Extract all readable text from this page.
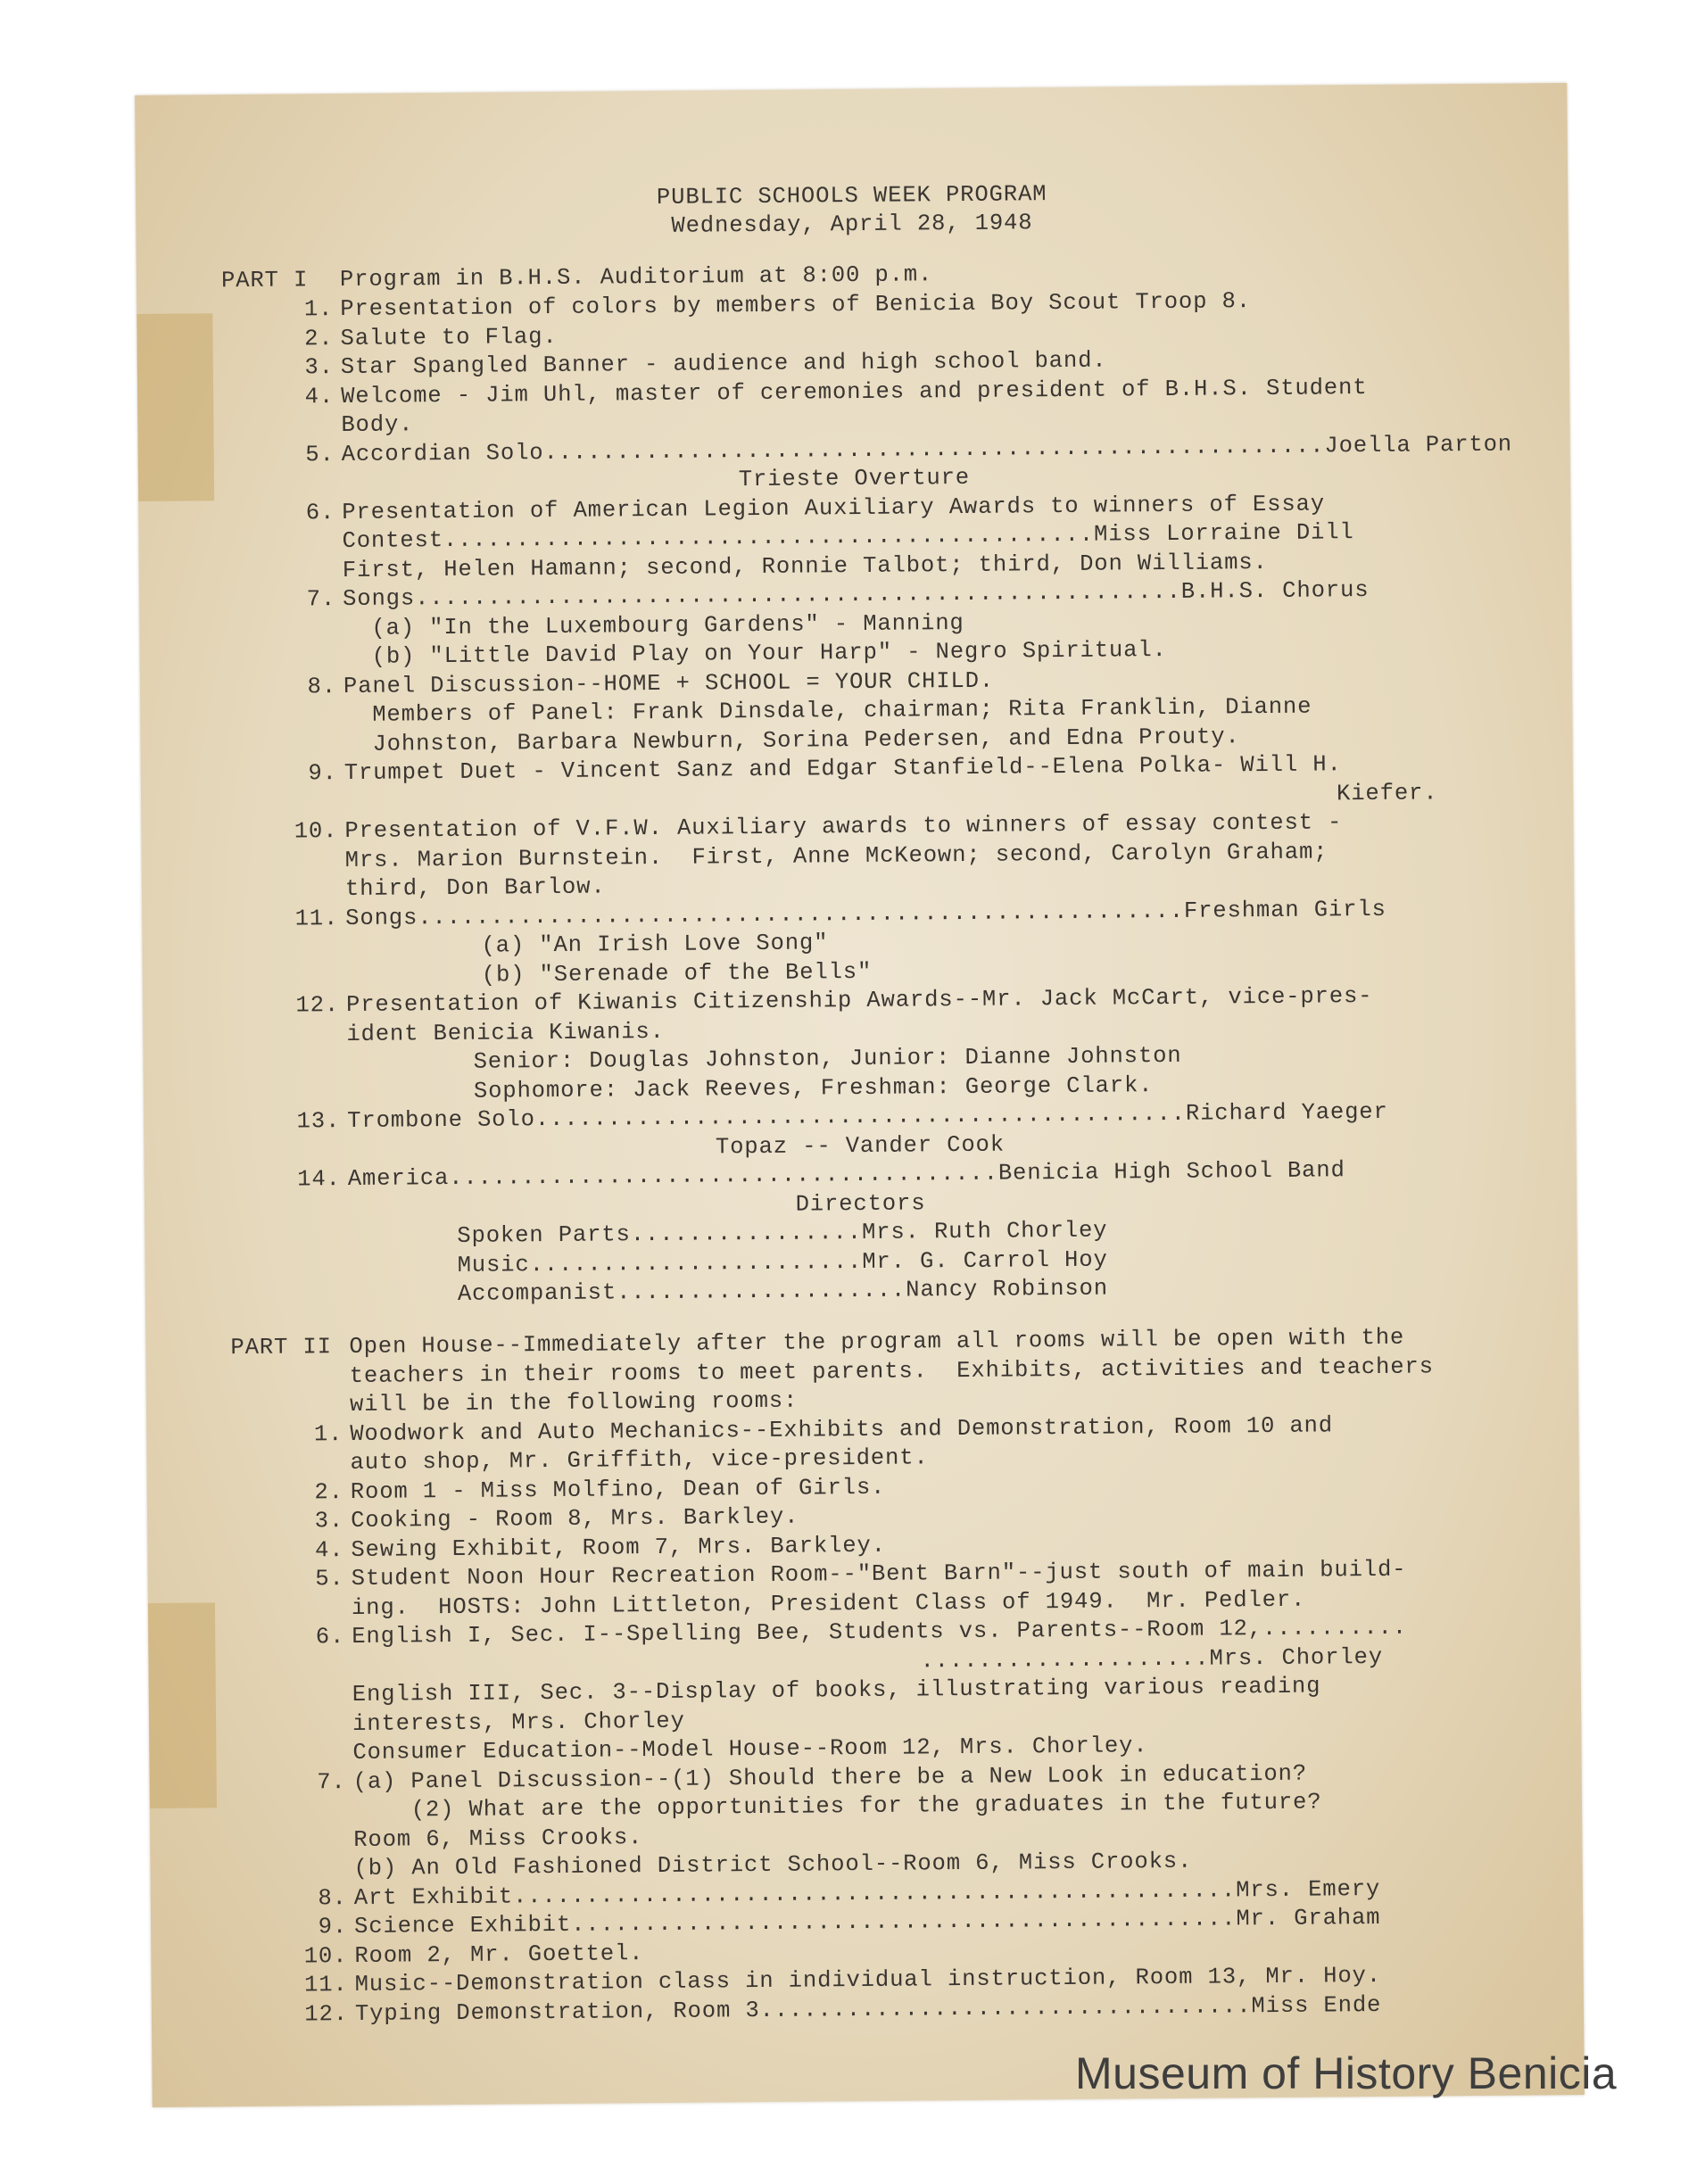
PUBLIC SCHOOLS WEEK PROGRAM
Wednesday, April 28, 1948
PART I Program in B.H.S. Auditorium at 8:00 p.m.
1. Presentation of colors by members of Benicia Boy Scout Troop 8.
2. Salute to Flag.
3. Star Spangled Banner - audience and high school band.
4. Welcome - Jim Uhl, master of ceremonies and president of B.H.S. Student
Body.
5. Accordian Solo......................................................Joella Parton
Trieste Overture
6. Presentation of American Legion Auxiliary Awards to winners of Essay
Contest.............................................Miss Lorraine Dill
First, Helen Hamann; second, Ronnie Talbot; third, Don Williams.
7. Songs.....................................................B.H.S. Chorus
(a) "In the Luxembourg Gardens" - Manning
(b) "Little David Play on Your Harp" - Negro Spiritual.
8. Panel Discussion--HOME + SCHOOL = YOUR CHILD.
Members of Panel: Frank Dinsdale, chairman; Rita Franklin, Dianne
Johnston, Barbara Newburn, Sorina Pedersen, and Edna Prouty.
9. Trumpet Duet - Vincent Sanz and Edgar Stanfield--Elena Polka- Will H.
Kiefer.
10. Presentation of V.F.W. Auxiliary awards to winners of essay contest -
Mrs. Marion Burnstein.  First, Anne McKeown; second, Carolyn Graham;
third, Don Barlow.
11. Songs.....................................................Freshman Girls
(a) "An Irish Love Song"
(b) "Serenade of the Bells"
12. Presentation of Kiwanis Citizenship Awards--Mr. Jack McCart, vice-pres-
ident Benicia Kiwanis.
Senior: Douglas Johnston, Junior: Dianne Johnston
Sophomore: Jack Reeves, Freshman: George Clark.
13. Trombone Solo.............................................Richard Yaeger
Topaz -- Vander Cook
14. America......................................Benicia High School Band
Directors
Spoken Parts................Mrs. Ruth Chorley
Music.......................Mr. G. Carrol Hoy
Accompanist....................Nancy Robinson
PART II Open House--Immediately after the program all rooms will be open with the
teachers in their rooms to meet parents.  Exhibits, activities and teachers
will be in the following rooms:
1. Woodwork and Auto Mechanics--Exhibits and Demonstration, Room 10 and
auto shop, Mr. Griffith, vice-president.
2. Room 1 - Miss Molfino, Dean of Girls.
3. Cooking - Room 8, Mrs. Barkley.
4. Sewing Exhibit, Room 7, Mrs. Barkley.
5. Student Noon Hour Recreation Room--"Bent Barn"--just south of main build-
ing.  HOSTS: John Littleton, President Class of 1949.  Mr. Pedler.
6. English I, Sec. I--Spelling Bee, Students vs. Parents--Room 12,..........
....................Mrs. Chorley
English III, Sec. 3--Display of books, illustrating various reading
interests, Mrs. Chorley
Consumer Education--Model House--Room 12, Mrs. Chorley.
7. (a) Panel Discussion--(1) Should there be a New Look in education?
(2) What are the opportunities for the graduates in the future?
Room 6, Miss Crooks.
(b) An Old Fashioned District School--Room 6, Miss Crooks.
8. Art Exhibit..................................................Mrs. Emery
9. Science Exhibit..............................................Mr. Graham
10. Room 2, Mr. Goettel.
11. Music--Demonstration class in individual instruction, Room 13, Mr. Hoy.
12. Typing Demonstration, Room 3..................................Miss Ende
Museum of History Benicia
